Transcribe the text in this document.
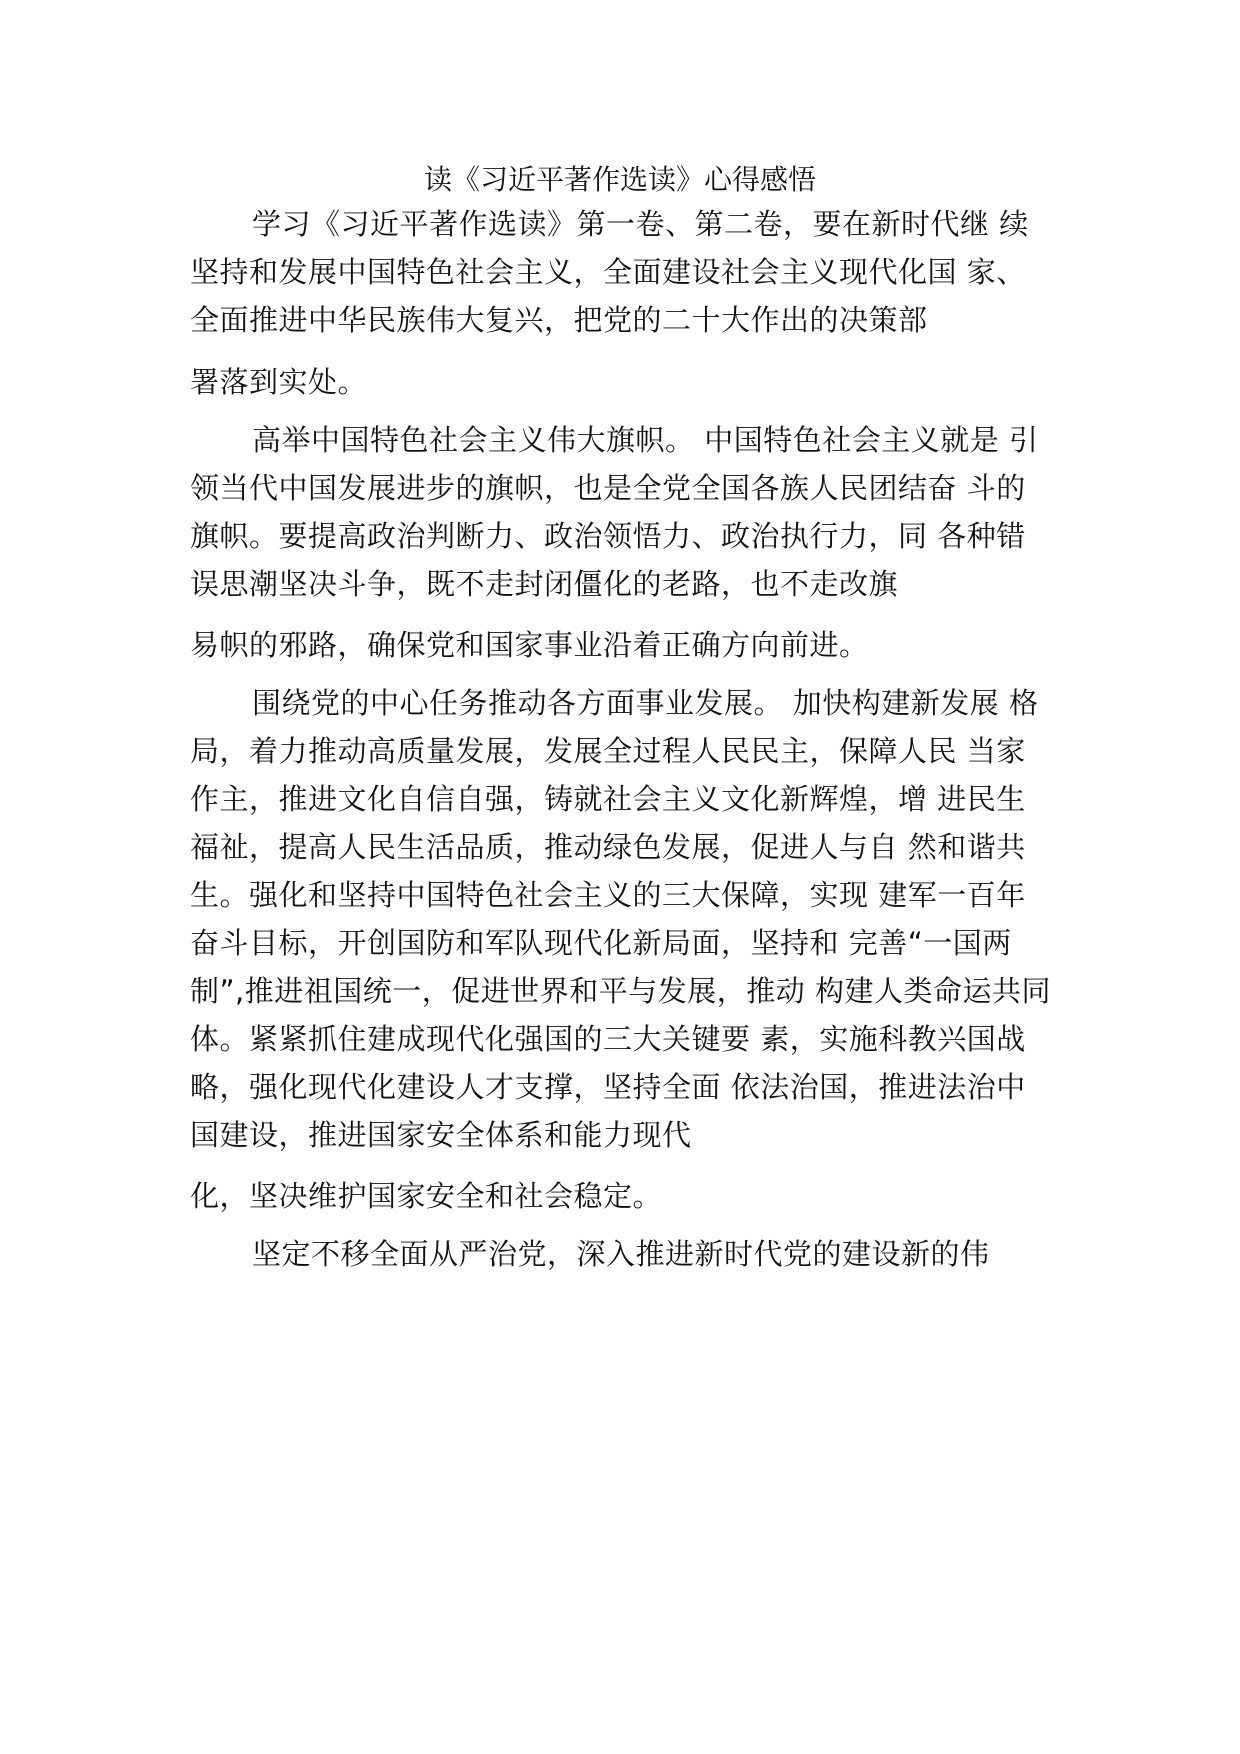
读《习近平著作选读》心得感悟
学习《习近平著作选读》第一卷、第二卷，要在新时代继 续
坚持和发展中国特色社会主义，全面建设社会主义现代化国 家、
全面推进中华民族伟大复兴，把党的二十大作出的决策部
署落到实处。
高举中国特色社会主义伟大旗帜。 中国特色社会主义就是 引
领当代中国发展进步的旗帜，也是全党全国各族人民团结奋 斗的
旗帜。要提高政治判断力、政治领悟力、政治执行力，同 各种错
误思潮坚决斗争，既不走封闭僵化的老路，也不走改旗
易帜的邪路，确保党和国家事业沿着正确方向前进。
围绕党的中心任务推动各方面事业发展。 加快构建新发展 格
局，着力推动高质量发展，发展全过程人民民主，保障人民 当家
作主，推进文化自信自强，铸就社会主义文化新辉煌，增 进民生
福祉，提高人民生活品质，推动绿色发展，促进人与自 然和谐共
生。强化和坚持中国特色社会主义的三大保障，实现 建军一百年
奋斗目标，开创国防和军队现代化新局面，坚持和 完善“一国两
制”,推进祖国统一，促进世界和平与发展，推动 构建人类命运共同
体。紧紧抓住建成现代化强国的三大关键要 素，实施科教兴国战
略，强化现代化建设人才支撑，坚持全面 依法治国，推进法治中
国建设，推进国家安全体系和能力现代
化，坚决维护国家安全和社会稳定。
坚定不移全面从严治党，深入推进新时代党的建设新的伟
